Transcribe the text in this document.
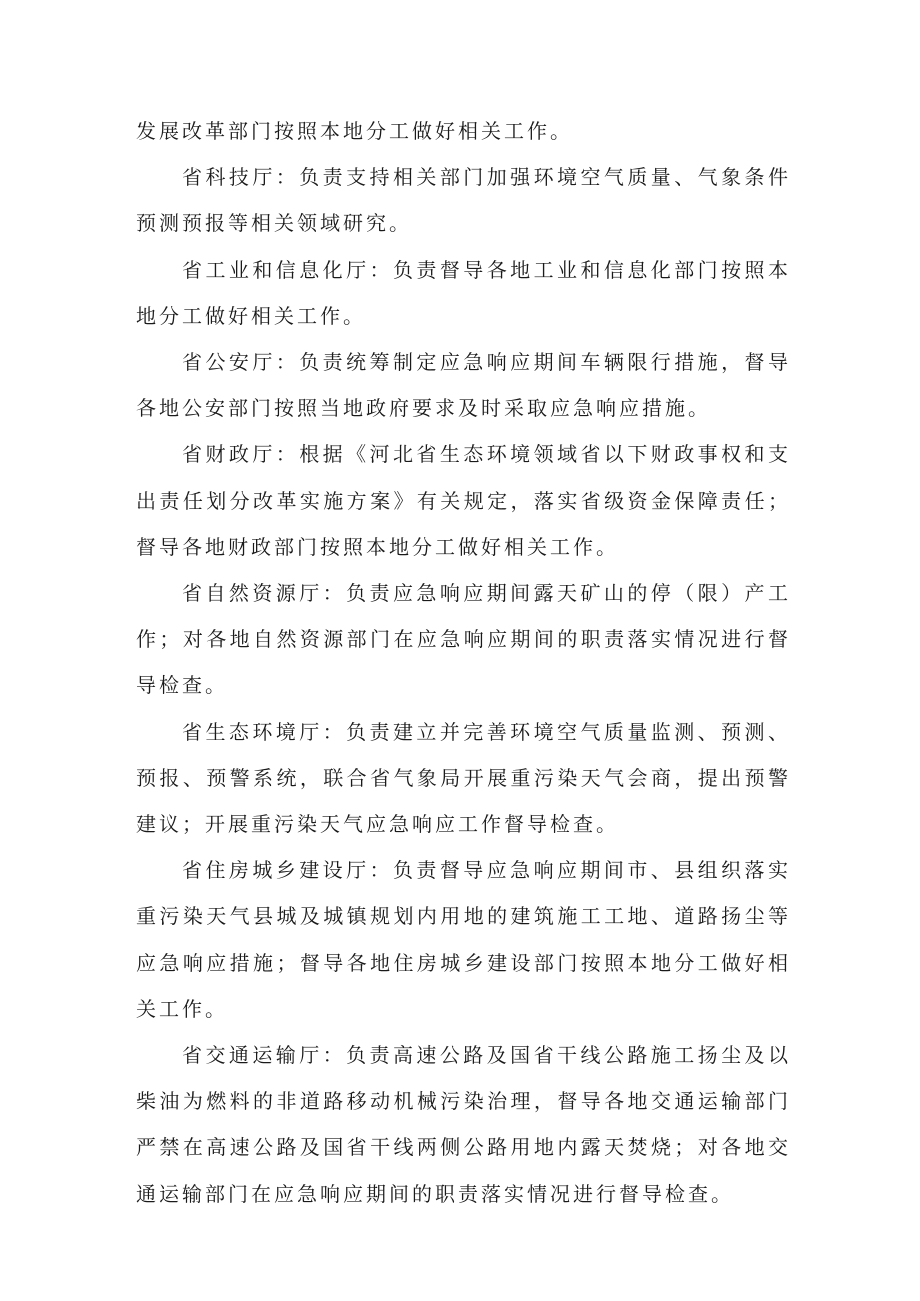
发展改革部门按照本地分工做好相关工作。

省科技厅：负责支持相关部门加强环境空气质量、气象条件预测预报等相关领域研究。

省工业和信息化厅：负责督导各地工业和信息化部门按照本地分工做好相关工作。

省公安厅：负责统筹制定应急响应期间车辆限行措施，督导各地公安部门按照当地政府要求及时采取应急响应措施。

省财政厅：根据《河北省生态环境领域省以下财政事权和支出责任划分改革实施方案》有关规定，落实省级资金保障责任；督导各地财政部门按照本地分工做好相关工作。

省自然资源厅：负责应急响应期间露天矿山的停（限）产工作；对各地自然资源部门在应急响应期间的职责落实情况进行督导检查。

省生态环境厅：负责建立并完善环境空气质量监测、预测、预报、预警系统，联合省气象局开展重污染天气会商，提出预警建议；开展重污染天气应急响应工作督导检查。

省住房城乡建设厅：负责督导应急响应期间市、县组织落实重污染天气县城及城镇规划内用地的建筑施工工地、道路扬尘等应急响应措施；督导各地住房城乡建设部门按照本地分工做好相关工作。

省交通运输厅：负责高速公路及国省干线公路施工扬尘及以柴油为燃料的非道路移动机械污染治理，督导各地交通运输部门严禁在高速公路及国省干线两侧公路用地内露天焚烧；对各地交通运输部门在应急响应期间的职责落实情况进行督导检查。
